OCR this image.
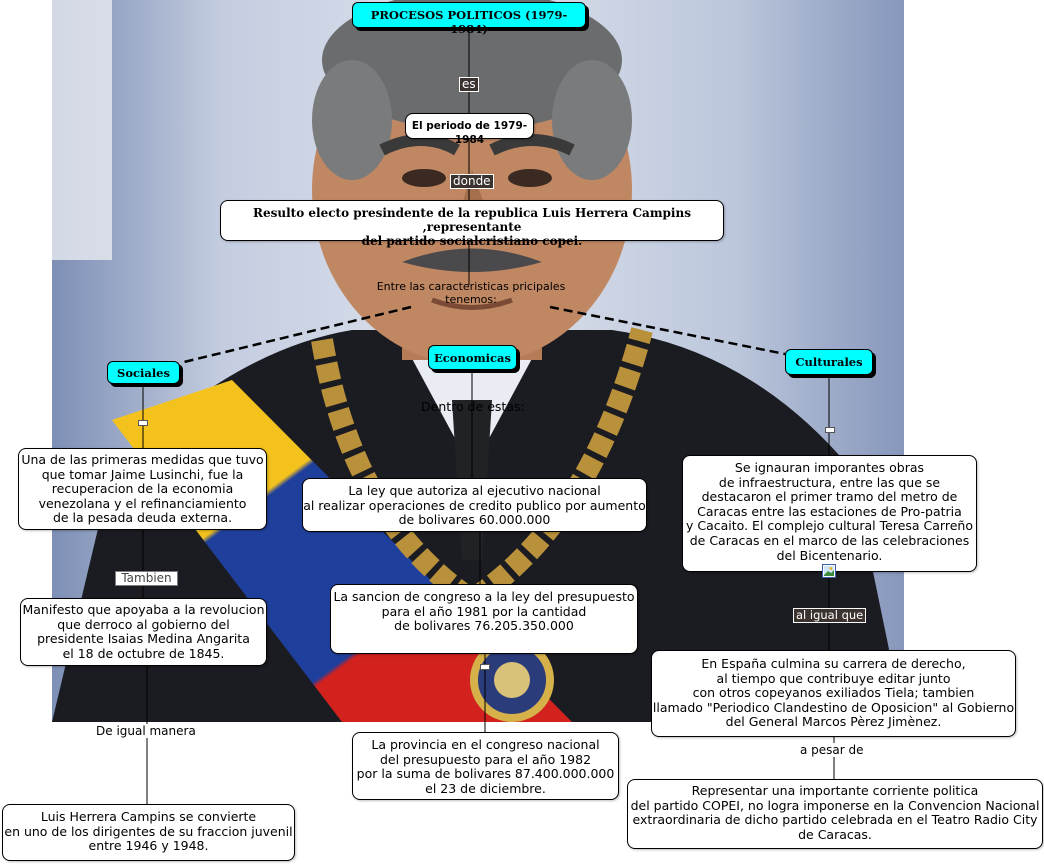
PROCESOS POLITICOS (1979-1984)
es
El periodo de 1979-1984
donde
Resulto electo presindente de la republica Luis Herrera Campins ,representante
del partido socialcristiano copei.
Entre las caracteristicas pricipales
tenemos:
Sociales
Economicas	Culturales
Una de las primeras medidas que tuvo
que tomar Jaime Lusinchi, fue la
recuperacion de la economia
venezolana y el refinanciamiento
de la pesada deuda externa.
Tambien
Manifesto que apoyaba a la revolucion
que derroco al gobierno del
presidente Isaias Medina Angarita
el 18 de octubre de 1845.
De igual manera
Luis Herrera Campins se convierte
en uno de los dirigentes de su fraccion juvenil
entre 1946 y 1948.
Dentro de estas:
La ley que autoriza al ejecutivo nacional
al realizar operaciones de credito publico por aumento
de bolivares 60.000.000
La sancion de congreso a la ley del presupuesto
para el año 1981 por la cantidad
de bolivares 76.205.350.000
La provincia en el congreso nacional
del presupuesto para el año 1982
por la suma de bolivares 87.400.000.000
el 23 de diciembre.
Se ignauran imporantes obras
de infraestructura, entre las que se
destacaron el primer tramo del metro de
Caracas entre las estaciones de Pro-patria
y Cacaito. El complejo cultural Teresa Carreño
de Caracas en el marco de las celebraciones
del Bicentenario.
al igual que
En España culmina su carrera de derecho,
al tiempo que contribuye editar junto
con otros copeyanos exiliados Tiela; tambien
llamado "Periodico Clandestino de Oposicion" al Gobierno
del General Marcos Pèrez Jimènez.
a pesar de
Representar una importante corriente politica
del partido COPEI, no logra imponerse en la Convencion Nacional
extraordinaria de dicho partido celebrada en el Teatro Radio City
de Caracas.
